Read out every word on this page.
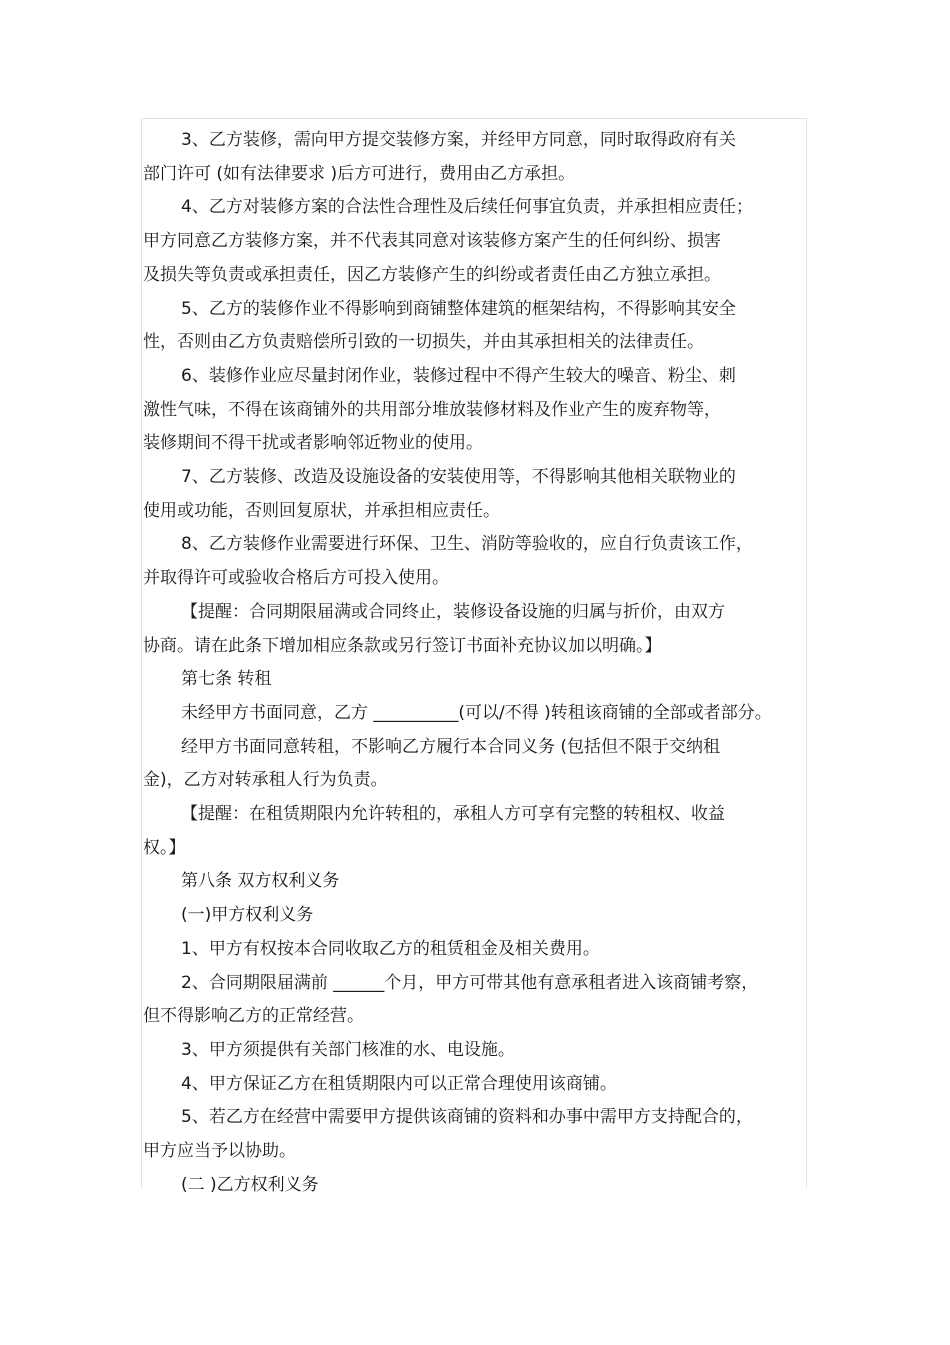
3、乙方装修，需向甲方提交装修方案，并经甲方同意，同时取得政府有关
部门许可 (如有法律要求 )后方可进行，费用由乙方承担。

4、乙方对装修方案的合法性合理性及后续任何事宜负责，并承担相应责任；
甲方同意乙方装修方案，并不代表其同意对该装修方案产生的任何纠纷、损害
及损失等负责或承担责任，因乙方装修产生的纠纷或者责任由乙方独立承担。

5、乙方的装修作业不得影响到商铺整体建筑的框架结构，不得影响其安全
性，否则由乙方负责赔偿所引致的一切损失，并由其承担相关的法律责任。

6、装修作业应尽量封闭作业，装修过程中不得产生较大的噪音、粉尘、刺
激性气味，不得在该商铺外的共用部分堆放装修材料及作业产生的废弃物等，
装修期间不得干扰或者影响邻近物业的使用。

7、乙方装修、改造及设施设备的安装使用等，不得影响其他相关联物业的
使用或功能，否则回复原状，并承担相应责任。

8、乙方装修作业需要进行环保、卫生、消防等验收的，应自行负责该工作，
并取得许可或验收合格后方可投入使用。

【提醒：合同期限届满或合同终止，装修设备设施的归属与折价，由双方
协商。请在此条下增加相应条款或另行签订书面补充协议加以明确。】

第七条 转租

未经甲方书面同意，乙方 __________(可以/不得 )转租该商铺的全部或者部分。

经甲方书面同意转租，不影响乙方履行本合同义务 (包括但不限于交纳租
金)，乙方对转承租人行为负责。

【提醒：在租赁期限内允许转租的，承租人方可享有完整的转租权、收益
权。】

第八条 双方权利义务

(一)甲方权利义务

1、甲方有权按本合同收取乙方的租赁租金及相关费用。

2、合同期限届满前 ______个月，甲方可带其他有意承租者进入该商铺考察，
但不得影响乙方的正常经营。

3、甲方须提供有关部门核准的水、电设施。

4、甲方保证乙方在租赁期限内可以正常合理使用该商铺。

5、若乙方在经营中需要甲方提供该商铺的资料和办事中需甲方支持配合的，
甲方应当予以协助。

(二 )乙方权利义务
